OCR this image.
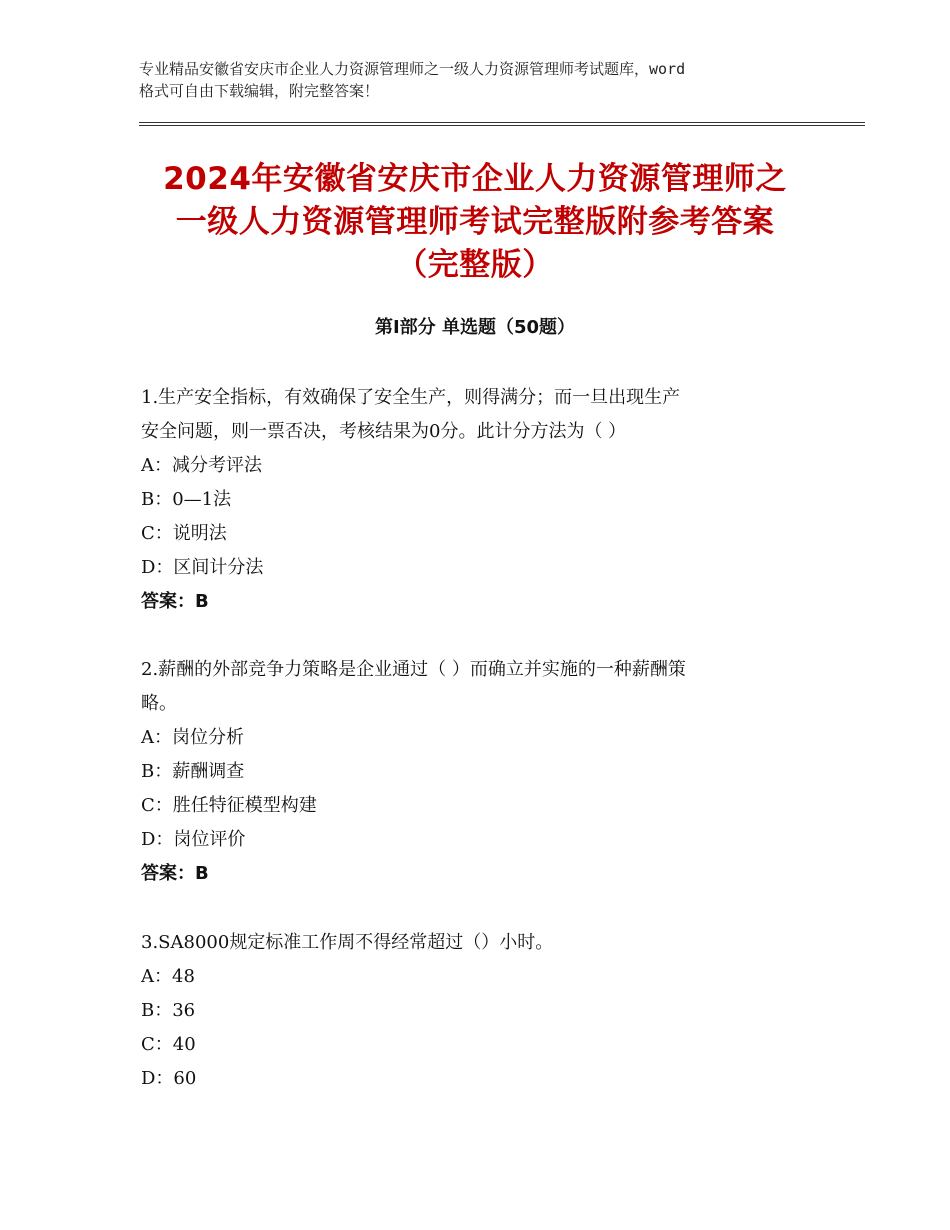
专业精品安徽省安庆市企业人力资源管理师之一级人力资源管理师考试题库，word
格式可自由下载编辑，附完整答案！
2024年安徽省安庆市企业人力资源管理师之
一级人力资源管理师考试完整版附参考答案
（完整版）
第Ⅰ部分 单选题（50题）

1.生产安全指标，有效确保了安全生产，则得满分；而一旦出现生产

安全问题，则一票否决，考核结果为0分。此计分方法为（ ）

A：减分考评法

B：0—1法

C：说明法

D：区间计分法

答案：B

2.薪酬的外部竞争力策略是企业通过（ ）而确立并实施的一种薪酬策

略。

A：岗位分析

B：薪酬调查

C：胜任特征模型构建

D：岗位评价

答案：B

3.SA8000规定标准工作周不得经常超过（）小时。

A：48

B：36

C：40

D：60
